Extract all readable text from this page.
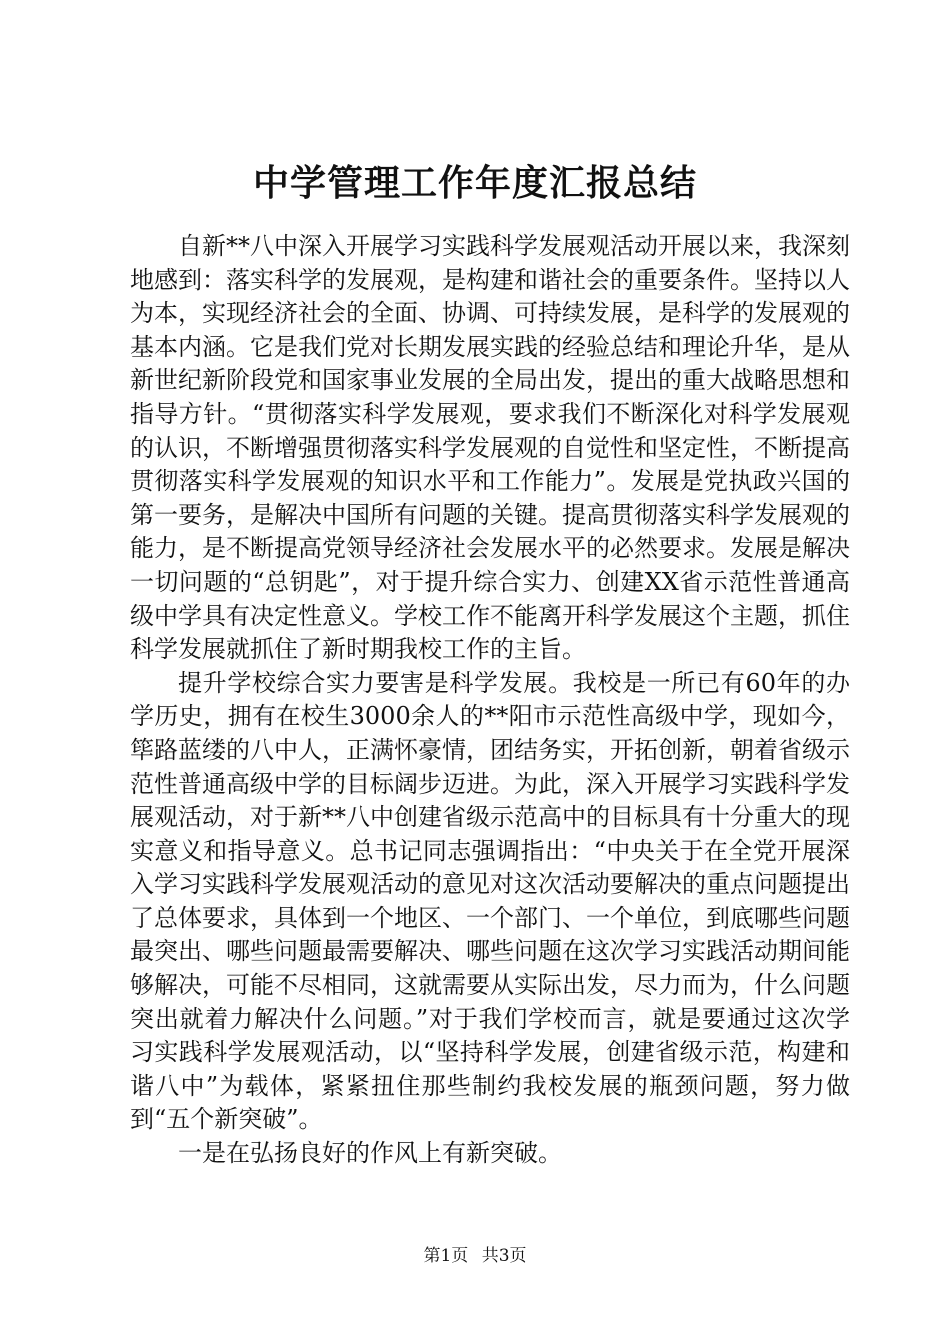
中学管理工作年度汇报总结

自新**八中深入开展学习实践科学发展观活动开展以来，我深刻地感到：落实科学的发展观，是构建和谐社会的重要条件。坚持以人为本，实现经济社会的全面、协调、可持续发展，是科学的发展观的基本内涵。它是我们党对长期发展实践的经验总结和理论升华，是从新世纪新阶段党和国家事业发展的全局出发，提出的重大战略思想和指导方针。“贯彻落实科学发展观，要求我们不断深化对科学发展观的认识，不断增强贯彻落实科学发展观的自觉性和坚定性，不断提高贯彻落实科学发展观的知识水平和工作能力”。发展是党执政兴国的第一要务，是解决中国所有问题的关键。提高贯彻落实科学发展观的能力，是不断提高党领导经济社会发展水平的必然要求。发展是解决一切问题的“总钥匙”，对于提升综合实力、创建XX省示范性普通高级中学具有决定性意义。学校工作不能离开科学发展这个主题，抓住科学发展就抓住了新时期我校工作的主旨。

提升学校综合实力要害是科学发展。我校是一所已有60年的办学历史，拥有在校生3000余人的**阳市示范性高级中学，现如今，筚路蓝缕的八中人，正满怀豪情，团结务实，开拓创新，朝着省级示范性普通高级中学的目标阔步迈进。为此，深入开展学习实践科学发展观活动，对于新**八中创建省级示范高中的目标具有十分重大的现实意义和指导意义。总书记同志强调指出：“中央关于在全党开展深入学习实践科学发展观活动的意见对这次活动要解决的重点问题提出了总体要求，具体到一个地区、一个部门、一个单位，到底哪些问题最突出、哪些问题最需要解决、哪些问题在这次学习实践活动期间能够解决，可能不尽相同，这就需要从实际出发，尽力而为，什么问题突出就着力解决什么问题。”对于我们学校而言，就是要通过这次学习实践科学发展观活动，以“坚持科学发展，创建省级示范，构建和谐八中”为载体，紧紧扭住那些制约我校发展的瓶颈问题，努力做到“五个新突破”。

一是在弘扬良好的作风上有新突破。

第1页 共3页
